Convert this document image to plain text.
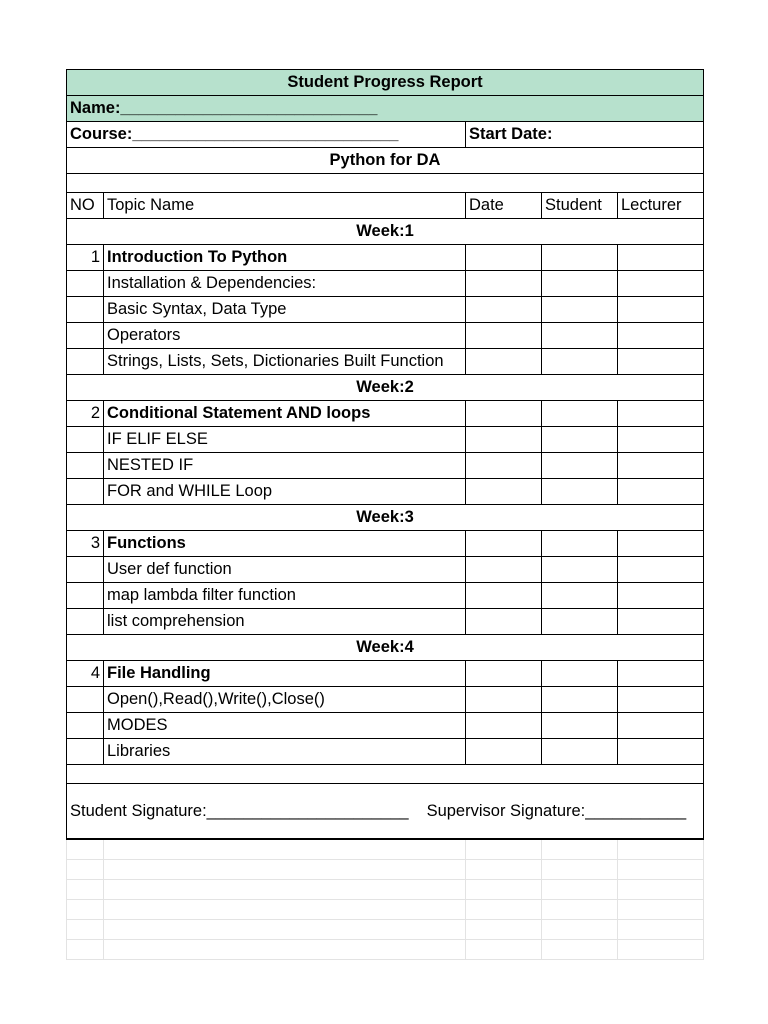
Student Progress Report				
Name:____________________________				
Course:_____________________________		Start Date:		
Python for DA				

NO	Topic Name	Date	Student	Lecturer
Week:1				
1	Introduction To Python			
	Installation & Dependencies:			
	Basic Syntax, Data Type			
	Operators			
	Strings, Lists, Sets, Dictionaries Built Function			
Week:2				
2	Conditional Statement AND loops			
	IF ELIF ELSE			
	NESTED IF			
	FOR and WHILE Loop			
Week:3				
3	Functions			
	User def function			
	map lambda filter function			
	list comprehension			
Week:4				
4	File Handling			
	Open(),Read(),Write(),Close()			
	MODES			
	Libraries			

Student Signature:______________________ Supervisor Signature:___________				
